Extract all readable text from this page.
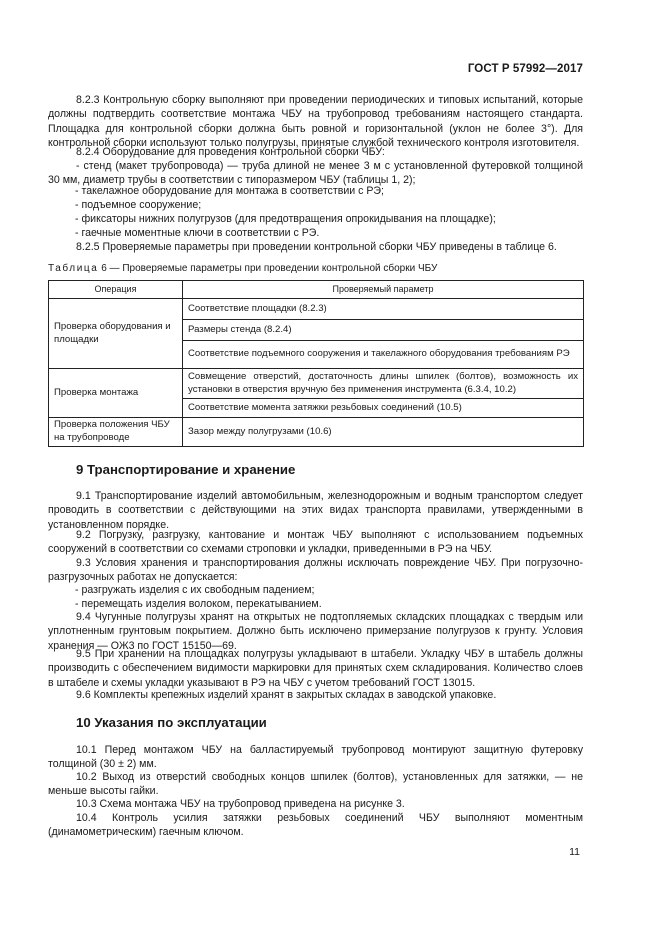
ГОСТ Р 57992—2017

8.2.3 Контрольную сборку выполняют при проведении периодических и типовых испытаний, которые должны подтвердить соответствие монтажа ЧБУ на трубопровод требованиям настоящего стандарта. Площадка для контрольной сборки должна быть ровной и горизонтальной (уклон не более 3°). Для контрольной сборки используют только полугрузы, принятые службой технического контроля изготовителя.

8.2.4 Оборудование для проведения контрольной сборки ЧБУ:

- стенд (макет трубопровода) — труба длиной не менее 3 м с установленной футеровкой толщиной 30 мм, диаметр трубы в соответствии с типоразмером ЧБУ (таблицы 1, 2);

- такелажное оборудование для монтажа в соответствии с РЭ;

- подъемное сооружение;

- фиксаторы нижних полугрузов (для предотвращения опрокидывания на площадке);

- гаечные моментные ключи в соответствии с РЭ.

8.2.5 Проверяемые параметры при проведении контрольной сборки ЧБУ приведены в таблице 6.

Таблица 6 — Проверяемые параметры при проведении контрольной сборки ЧБУ
Операция	Проверяемый параметр
Проверка оборудования и площадки	Соответствие площадки (8.2.3)
	Размеры стенда (8.2.4)
	Соответствие подъемного сооружения и такелажного оборудования требованиям РЭ
Проверка монтажа	Совмещение отверстий, достаточность длины шпилек (болтов), возможность их установки в отверстия вручную без применения инструмента (6.3.4, 10.2)
	Соответствие момента затяжки резьбовых соединений (10.5)
Проверка положения ЧБУ на трубопроводе	Зазор между полугрузами (10.6)
9 Транспортирование и хранение

9.1 Транспортирование изделий автомобильным, железнодорожным и водным транспортом следует проводить в соответствии с действующими на этих видах транспорта правилами, утвержденными в установленном порядке.

9.2 Погрузку, разгрузку, кантование и монтаж ЧБУ выполняют с использованием подъемных сооружений в соответствии со схемами строповки и укладки, приведенными в РЭ на ЧБУ.

9.3 Условия хранения и транспортирования должны исключать повреждение ЧБУ. При погрузочно-разгрузочных работах не допускается:

- разгружать изделия с их свободным падением;

- перемещать изделия волоком, перекатыванием.

9.4 Чугунные полугрузы хранят на открытых не подтопляемых складских площадках с твердым или уплотненным грунтовым покрытием. Должно быть исключено примерзание полугрузов к грунту. Условия хранения — ОЖ3 по ГОСТ 15150—69.

9.5 При хранении на площадках полугрузы укладывают в штабели. Укладку ЧБУ в штабель должны производить с обеспечением видимости маркировки для принятых схем складирования. Количество слоев в штабеле и схемы укладки указывают в РЭ на ЧБУ с учетом требований ГОСТ 13015.

9.6 Комплекты крепежных изделий хранят в закрытых складах в заводской упаковке.

10 Указания по эксплуатации

10.1 Перед монтажом ЧБУ на балластируемый трубопровод монтируют защитную футеровку толщиной (30 ± 2) мм.

10.2 Выход из отверстий свободных концов шпилек (болтов), установленных для затяжки, — не меньше высоты гайки.

10.3 Схема монтажа ЧБУ на трубопровод приведена на рисунке 3.

10.4 Контроль усилия затяжки резьбовых соединений ЧБУ выполняют моментным (динамометрическим) гаечным ключом.

11
